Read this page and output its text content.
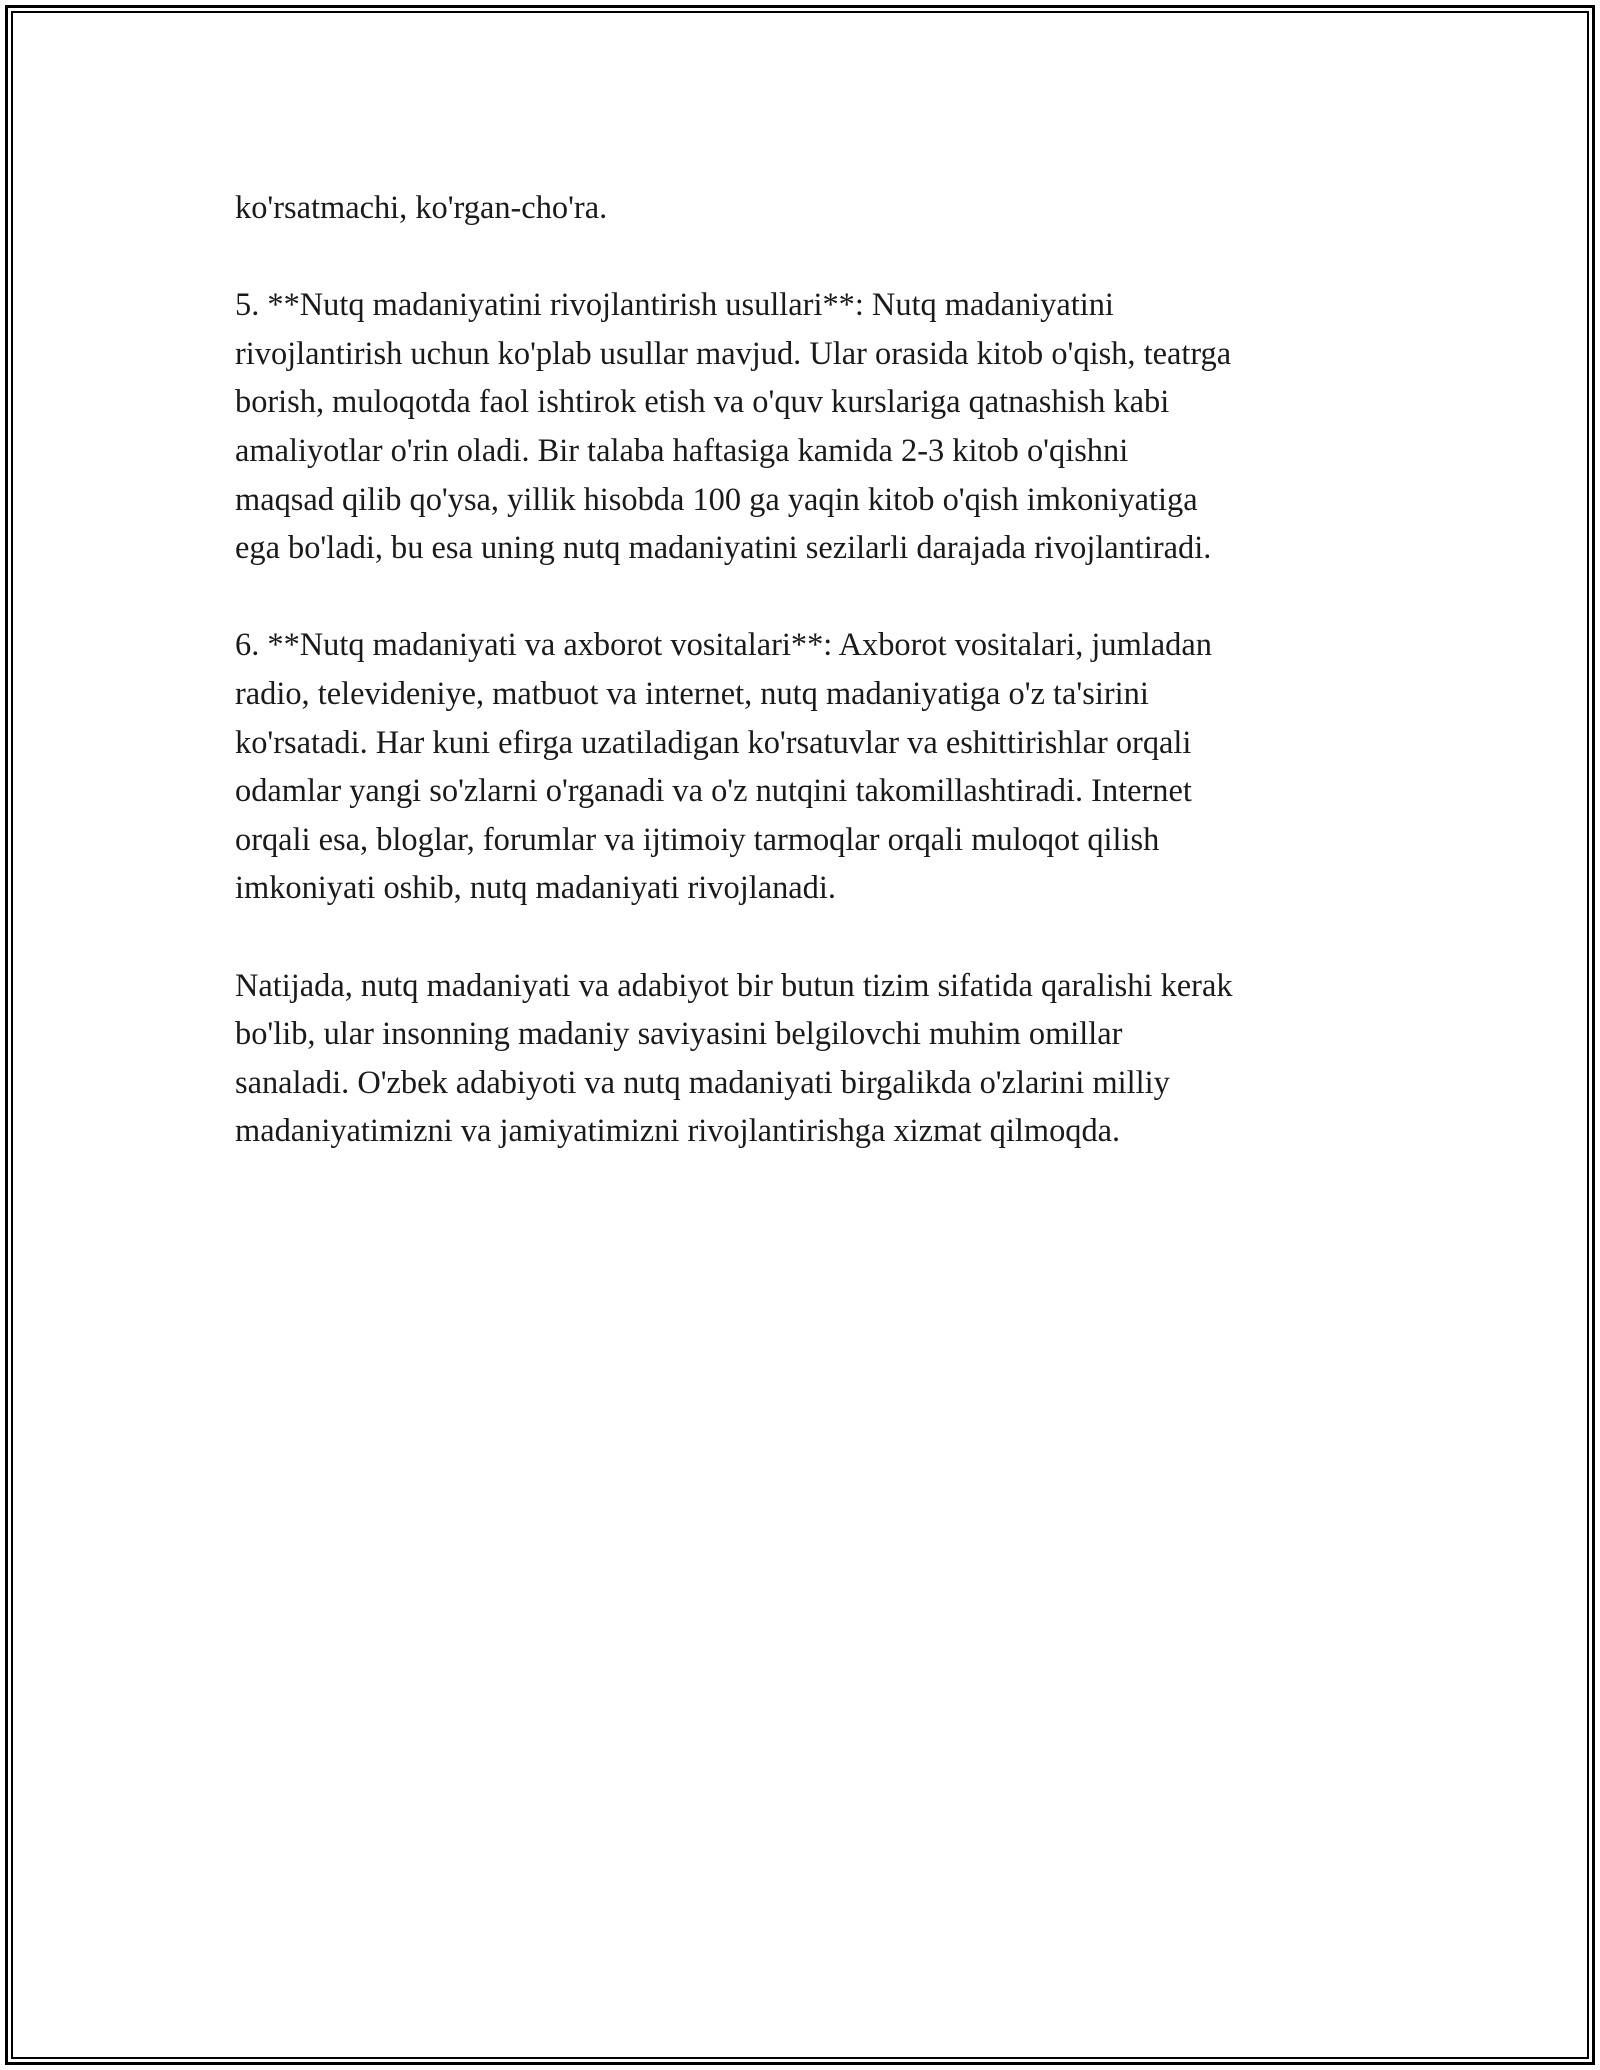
ko'rsatmachi, ko'rgan-cho'ra.

5. **Nutq madaniyatini rivojlantirish usullari**: Nutq madaniyatini
rivojlantirish uchun ko'plab usullar mavjud. Ular orasida kitob o'qish, teatrga
borish, muloqotda faol ishtirok etish va o'quv kurslariga qatnashish kabi
amaliyotlar o'rin oladi. Bir talaba haftasiga kamida 2-3 kitob o'qishni
maqsad qilib qo'ysa, yillik hisobda 100 ga yaqin kitob o'qish imkoniyatiga
ega bo'ladi, bu esa uning nutq madaniyatini sezilarli darajada rivojlantiradi.

6. **Nutq madaniyati va axborot vositalari**: Axborot vositalari, jumladan
radio, televideniye, matbuot va internet, nutq madaniyatiga o'z ta'sirini
ko'rsatadi. Har kuni efirga uzatiladigan ko'rsatuvlar va eshittirishlar orqali
odamlar yangi so'zlarni o'rganadi va o'z nutqini takomillashtiradi. Internet
orqali esa, bloglar, forumlar va ijtimoiy tarmoqlar orqali muloqot qilish
imkoniyati oshib, nutq madaniyati rivojlanadi.

Natijada, nutq madaniyati va adabiyot bir butun tizim sifatida qaralishi kerak
bo'lib, ular insonning madaniy saviyasini belgilovchi muhim omillar
sanaladi. O'zbek adabiyoti va nutq madaniyati birgalikda o'zlarini milliy
madaniyatimizni va jamiyatimizni rivojlantirishga xizmat qilmoqda.
